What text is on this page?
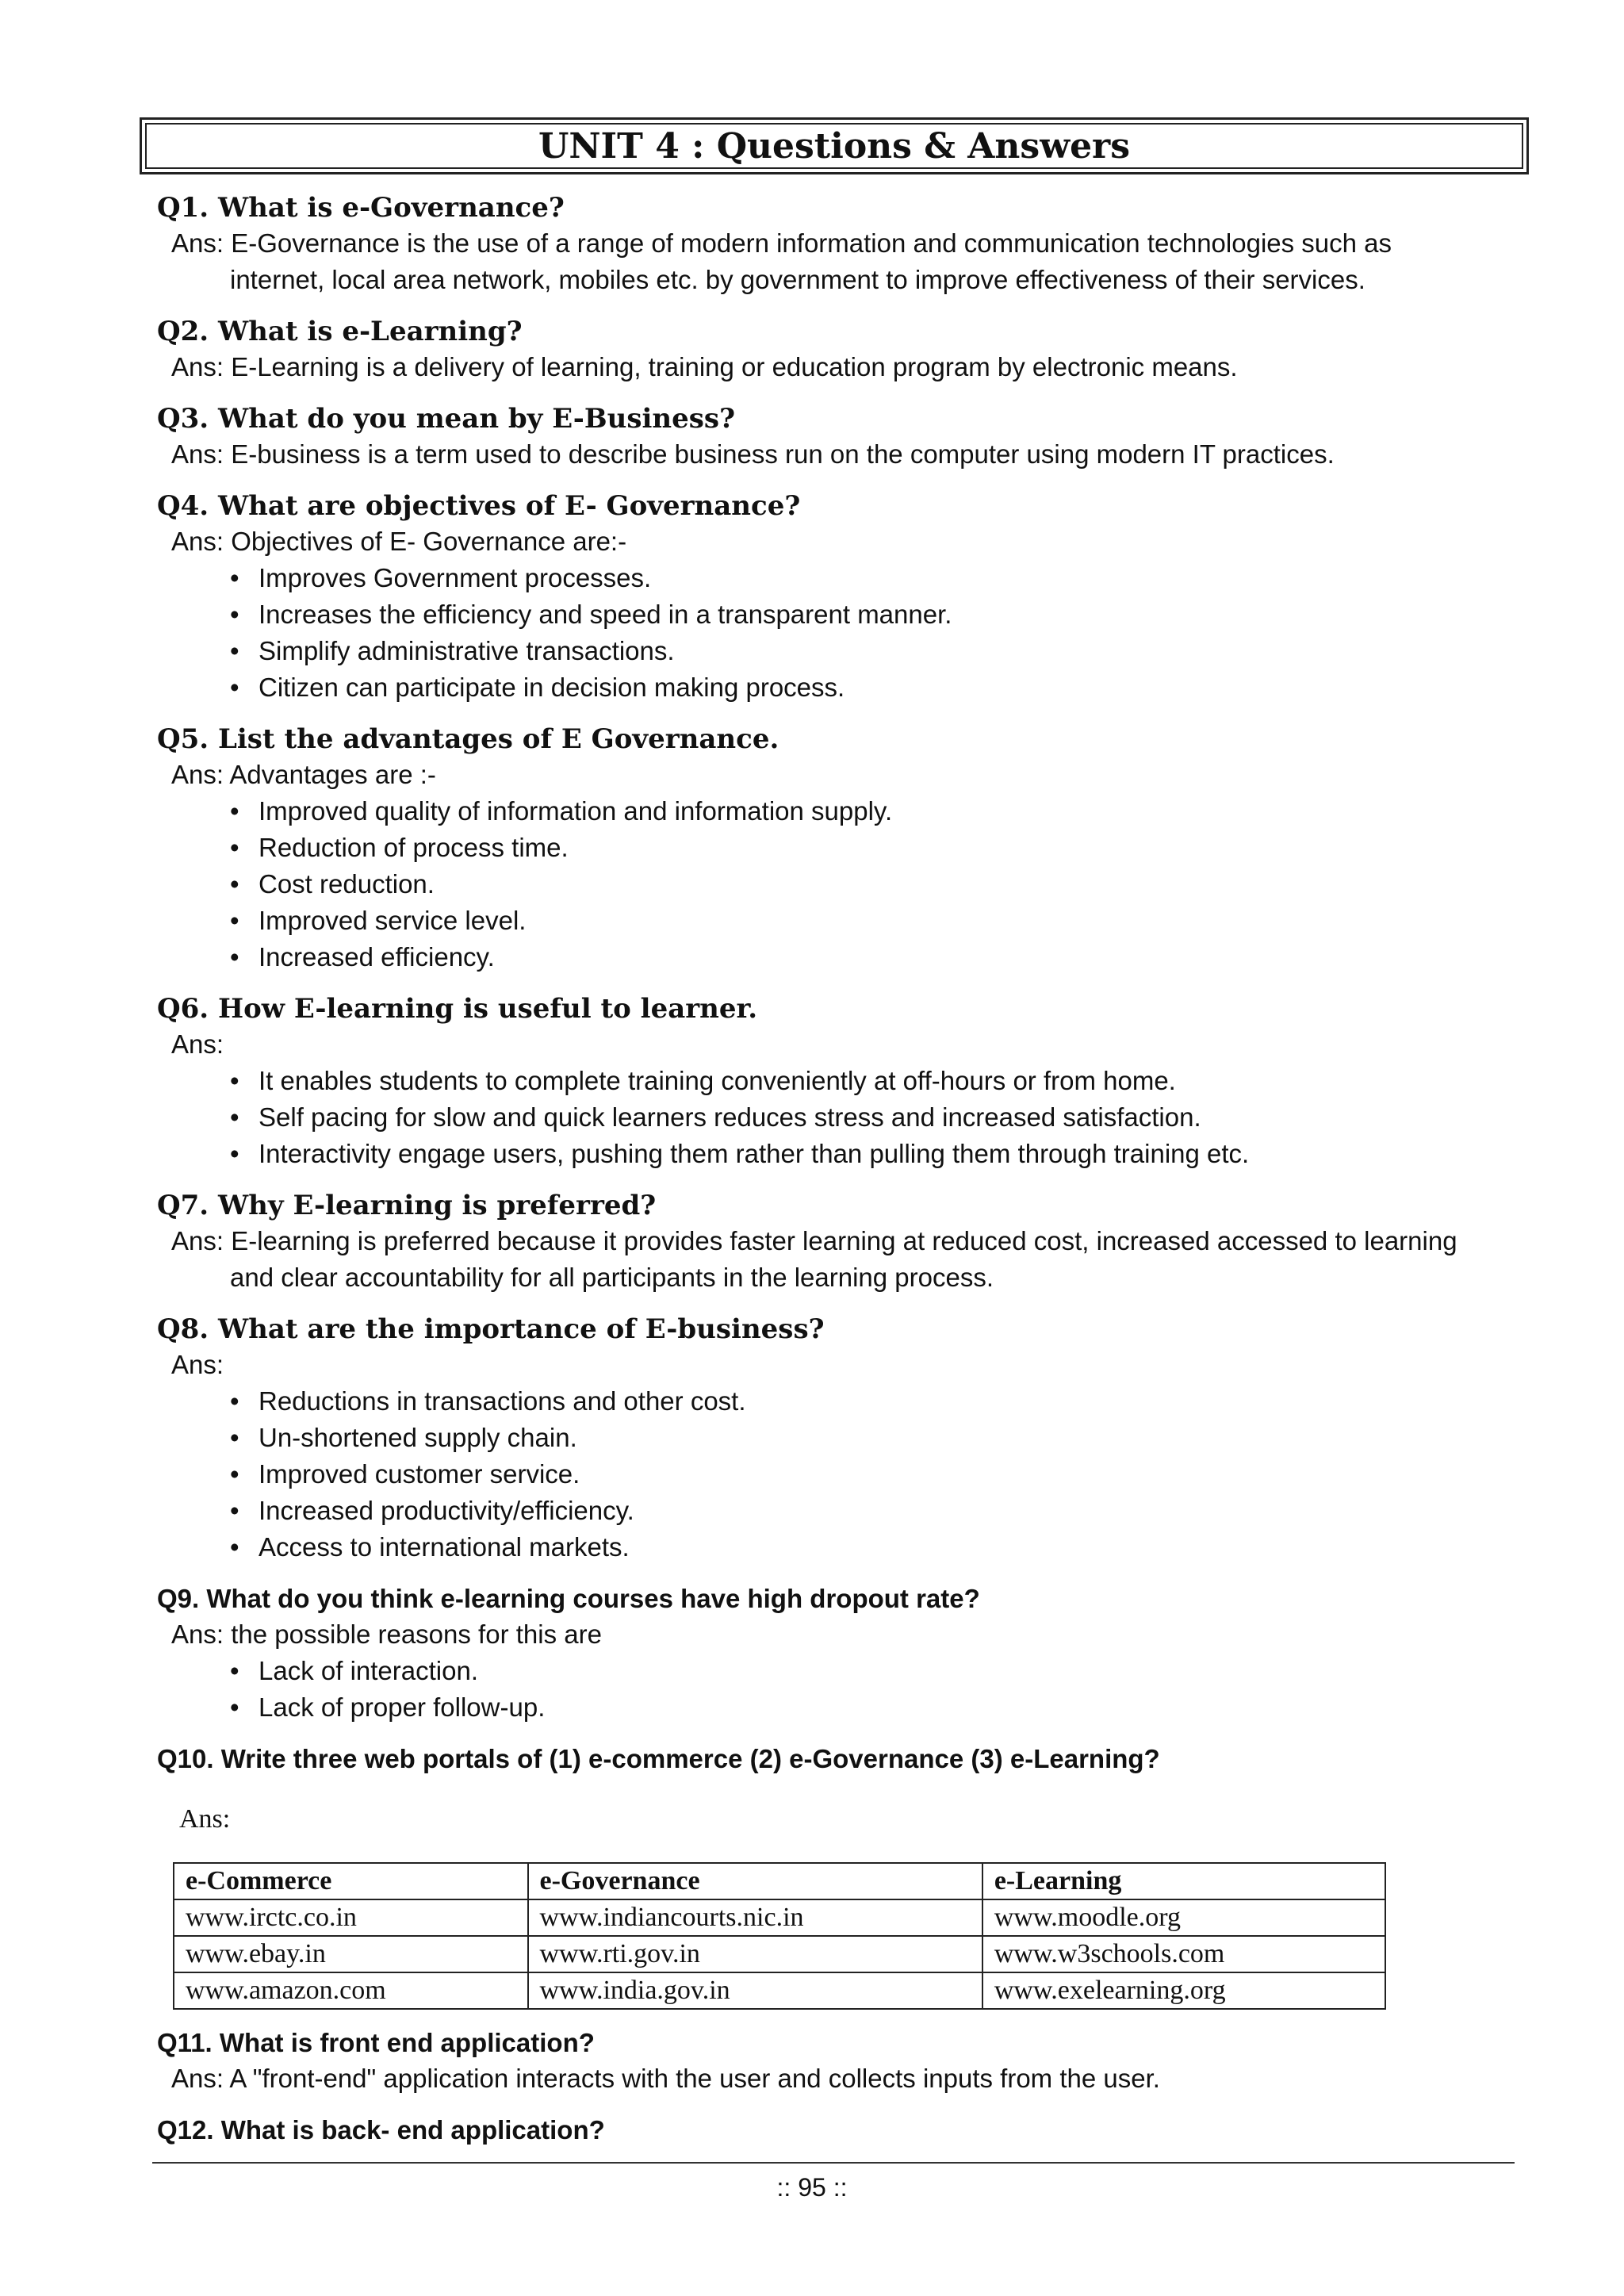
UNIT 4 : Questions & Answers

Q1. What is e-Governance?

Ans: E-Governance is the use of a range of modern information and communication technologies such as
internet, local area network, mobiles etc. by government to improve effectiveness of their services.

Q2. What is e-Learning?

Ans: E-Learning is a delivery of learning, training or education program by electronic means.

Q3. What do you mean by E-Business?

Ans: E-business is a term used to describe business run on the computer using modern IT practices.

Q4. What are objectives of E- Governance?

Ans: Objectives of E- Governance are:-

• Improves Government processes.
• Increases the efficiency and speed in a transparent manner.
• Simplify administrative transactions.
• Citizen can participate in decision making process.

Q5. List the advantages of E Governance.

Ans: Advantages are :-

• Improved quality of information and information supply.
• Reduction of process time.
• Cost reduction.
• Improved service level.
• Increased efficiency.

Q6. How E-learning is useful to learner.

Ans:

• It enables students to complete training conveniently at off-hours or from home.
• Self pacing for slow and quick learners reduces stress and increased satisfaction.
• Interactivity engage users, pushing them rather than pulling them through training etc.

Q7. Why E-learning is preferred?

Ans: E-learning is preferred because it provides faster learning at reduced cost, increased accessed to learning
and clear accountability for all participants in the learning process.

Q8. What are the importance of E-business?

Ans:

• Reductions in transactions and other cost.
• Un-shortened supply chain.
• Improved customer service.
• Increased productivity/efficiency.
• Access to international markets.

Q9. What do you think e-learning courses have high dropout rate?

Ans: the possible reasons for this are

• Lack of interaction.
• Lack of proper follow-up.

Q10. Write three web portals of (1) e-commerce (2) e-Governance (3) e-Learning?

Ans:

e-Commerce	e-Governance	e-Learning
www.irctc.co.in	www.indiancourts.nic.in	www.moodle.org
www.ebay.in	www.rti.gov.in	www.w3schools.com
www.amazon.com	www.india.gov.in	www.exelearning.org

Q11. What is front end application?

Ans: A "front-end" application interacts with the user and collects inputs from the user.

Q12. What is back- end application?

:: 95 ::
